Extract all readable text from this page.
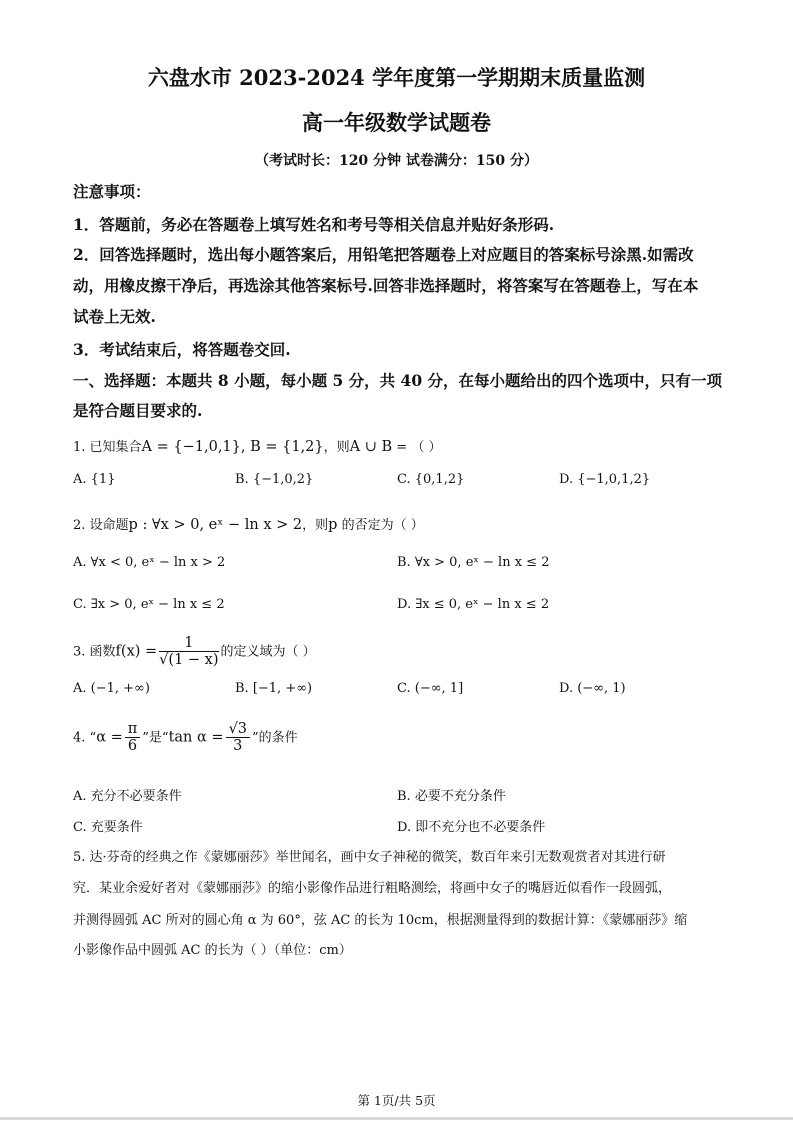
六盘水市 2023-2024 学年度第一学期期末质量监测
高一年级数学试题卷
（考试时长：120 分钟 试卷满分：150 分）
注意事项：
1．答题前，务必在答题卷上填写姓名和考号等相关信息并贴好条形码.
2．回答选择题时，选出每小题答案后，用铅笔把答题卷上对应题目的答案标号涂黑.如需改
动，用橡皮擦干净后，再选涂其他答案标号.回答非选择题时，将答案写在答题卷上，写在本
试卷上无效.
3．考试结束后，将答题卷交回.
一、选择题：本题共 8 小题，每小题 5 分，共 40 分，在每小题给出的四个选项中，只有一项
是符合题目要求的.
1. 已知集合A = {−1,0,1}, B = {1,2}，则A ∪ B = （ ）
A. {1}	B. {−1,0,2}	C. {0,1,2}	D. {−1,0,1,2}
2. 设命题p : ∀x > 0, eˣ − ln x > 2，则p 的否定为（ ）
A. ∀x < 0, eˣ − ln x > 2	B. ∀x > 0, eˣ − ln x ≤ 2
C. ∃x > 0, eˣ − ln x ≤ 2	D. ∃x ≤ 0, eˣ − ln x ≤ 2
3. 函数$f(x) = \frac{1}{√(1 - x)}$ 的定义域为（ ）
A. (−1, +∞)	B. [−1, +∞)	C. (−∞, 1]	D. (−∞, 1)
4. “$\alpha = \frac{\pi}{6}$ ”是“tan $\alpha = \frac{√3}{3}$ ”的条件
A. 充分不必要条件	B. 必要不充分条件
C. 充要条件	D. 即不充分也不必要条件
5. 达·芬奇的经典之作《蒙娜丽莎》举世闻名，画中女子神秘的微笑，数百年来引无数观赏者对其进行研
究．某业余爱好者对《蒙娜丽莎》的缩小影像作品进行粗略测绘，将画中女子的嘴唇近似看作一段圆弧，
并测得圆弧 AC 所对的圆心角 α 为 60°，弦 AC 的长为 10cm，根据测量得到的数据计算：《蒙娜丽莎》缩
小影像作品中圆弧 AC 的长为（ ）（单位：cm）
第 1页/共 5页
